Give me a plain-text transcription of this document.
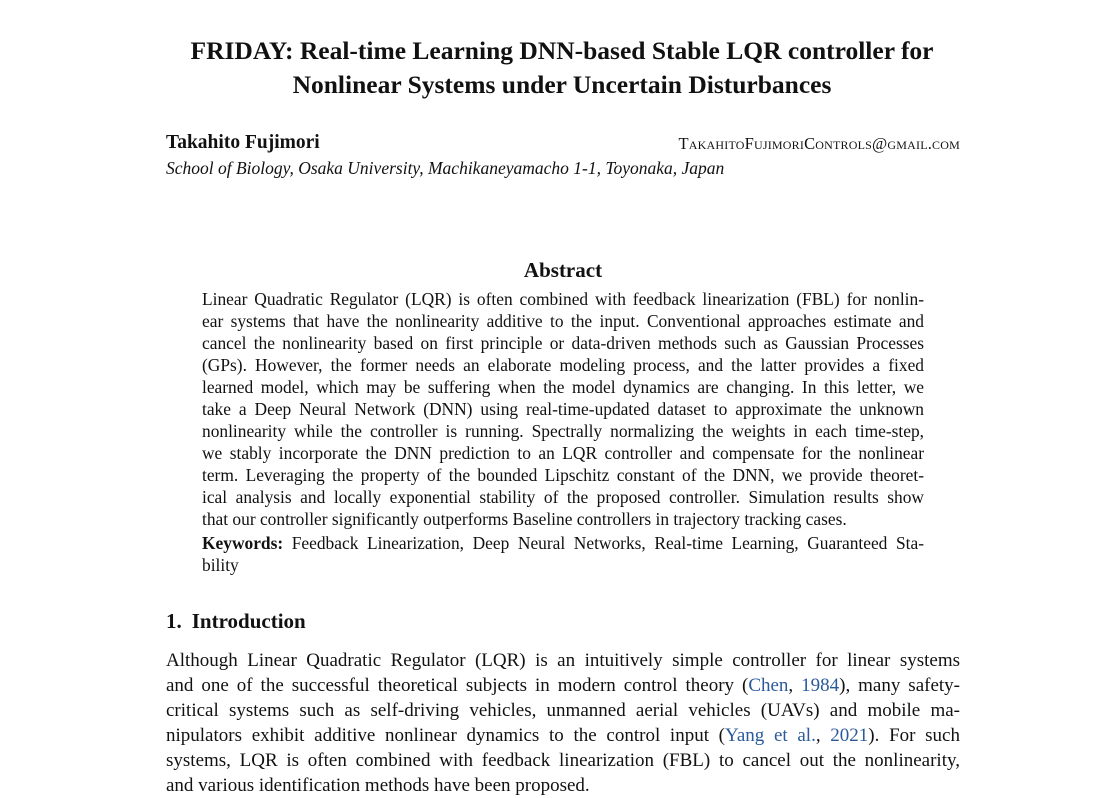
FRIDAY: Real-time Learning DNN-based Stable LQR controller for
Nonlinear Systems under Uncertain Disturbances
Takahito Fujimori	TakahitoFujimoriControls@gmail.com
School of Biology, Osaka University, Machikaneyamacho 1-1, Toyonaka, Japan
Abstract
Linear Quadratic Regulator (LQR) is often combined with feedback linearization (FBL) for nonlin-
ear systems that have the nonlinearity additive to the input. Conventional approaches estimate and
cancel the nonlinearity based on first principle or data-driven methods such as Gaussian Processes
(GPs). However, the former needs an elaborate modeling process, and the latter provides a fixed
learned model, which may be suffering when the model dynamics are changing. In this letter, we
take a Deep Neural Network (DNN) using real-time-updated dataset to approximate the unknown
nonlinearity while the controller is running. Spectrally normalizing the weights in each time-step,
we stably incorporate the DNN prediction to an LQR controller and compensate for the nonlinear
term. Leveraging the property of the bounded Lipschitz constant of the DNN, we provide theoret-
ical analysis and locally exponential stability of the proposed controller. Simulation results show
that our controller significantly outperforms Baseline controllers in trajectory tracking cases.
Keywords: Feedback Linearization, Deep Neural Networks, Real-time Learning, Guaranteed Sta-
bility
1. Introduction
Although Linear Quadratic Regulator (LQR) is an intuitively simple controller for linear systems
and one of the successful theoretical subjects in modern control theory (Chen, 1984), many safety-
critical systems such as self-driving vehicles, unmanned aerial vehicles (UAVs) and mobile ma-
nipulators exhibit additive nonlinear dynamics to the control input (Yang et al., 2021). For such
systems, LQR is often combined with feedback linearization (FBL) to cancel out the nonlinearity,
and various identification methods have been proposed.
